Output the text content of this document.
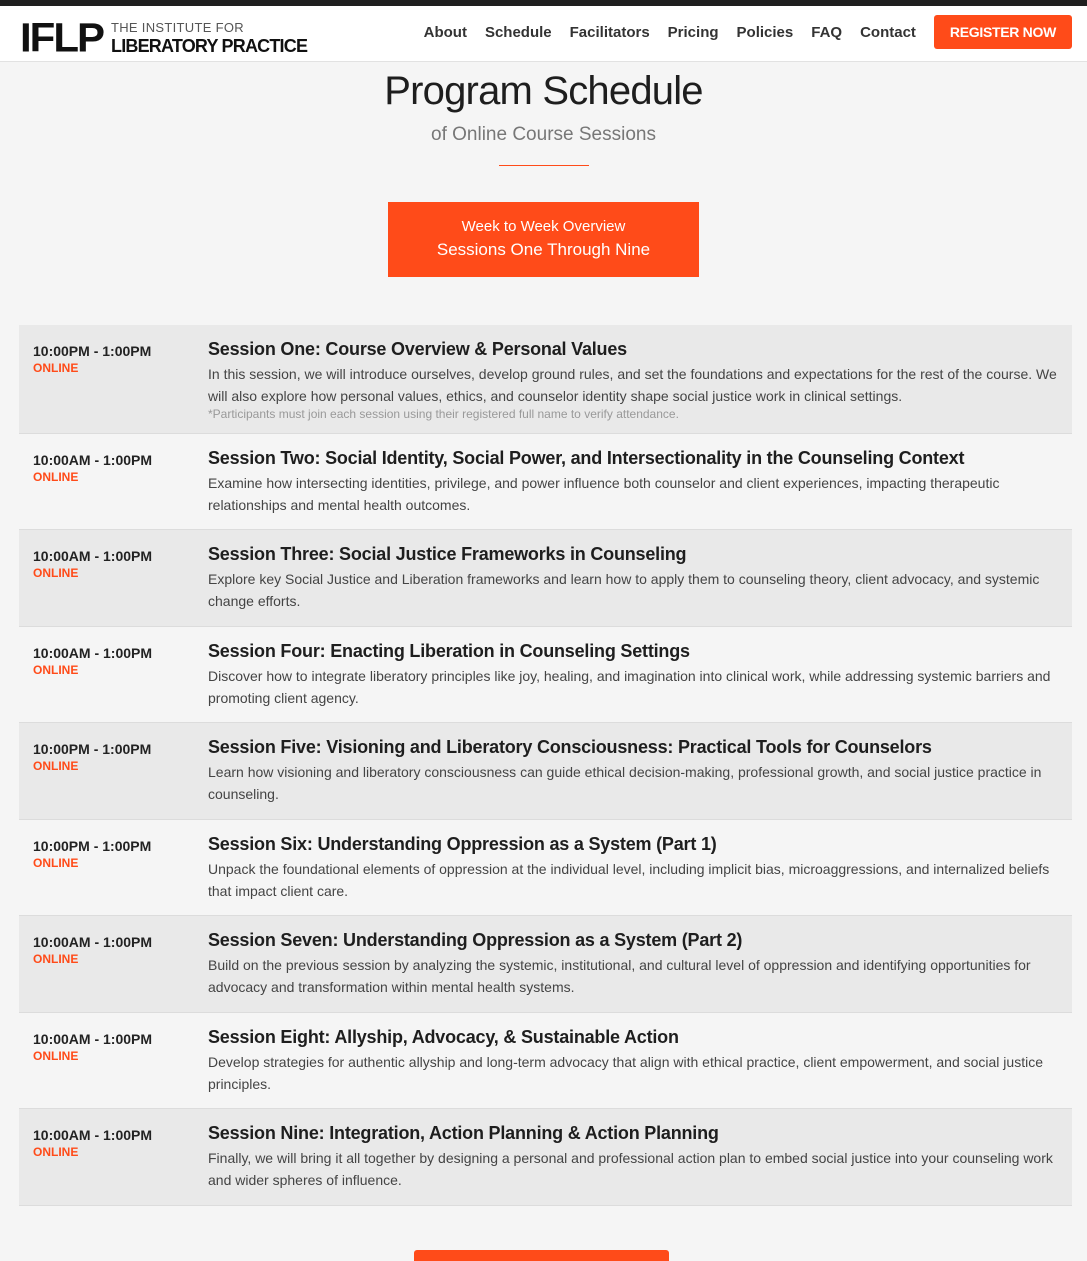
IFLP THE INSTITUTE FOR
LIBERATORY PRACTICE
About Schedule Facilitators Pricing Policies FAQ Contact	REGISTER NOW
Program Schedule
of Online Course Sessions
Week to Week Overview
Sessions One Through Nine
10:00PM - 1:00PM
ONLINE
Session One: Course Overview & Personal Values
In this session, we will introduce ourselves, develop ground rules, and set the foundations and expectations for the rest of the course. We will also explore how personal values, ethics, and counselor identity shape social justice work in clinical settings.
*Participants must join each session using their registered full name to verify attendance.
10:00AM - 1:00PM
ONLINE
Session Two: Social Identity, Social Power, and Intersectionality in the Counseling Context
Examine how intersecting identities, privilege, and power influence both counselor and client experiences, impacting therapeutic relationships and mental health outcomes.
10:00AM - 1:00PM
ONLINE
Session Three: Social Justice Frameworks in Counseling
Explore key Social Justice and Liberation frameworks and learn how to apply them to counseling theory, client advocacy, and systemic change efforts.
10:00AM - 1:00PM
ONLINE
Session Four: Enacting Liberation in Counseling Settings
Discover how to integrate liberatory principles like joy, healing, and imagination into clinical work, while addressing systemic barriers and promoting client agency.
10:00PM - 1:00PM
ONLINE
Session Five: Visioning and Liberatory Consciousness: Practical Tools for Counselors
Learn how visioning and liberatory consciousness can guide ethical decision-making, professional growth, and social justice practice in counseling.
10:00PM - 1:00PM
ONLINE
Session Six: Understanding Oppression as a System (Part 1)
Unpack the foundational elements of oppression at the individual level, including implicit bias, microaggressions, and internalized beliefs that impact client care.
10:00AM - 1:00PM
ONLINE
Session Seven: Understanding Oppression as a System (Part 2)
Build on the previous session by analyzing the systemic, institutional, and cultural level of oppression and identifying opportunities for advocacy and transformation within mental health systems.
10:00AM - 1:00PM
ONLINE
Session Eight: Allyship, Advocacy, & Sustainable Action
Develop strategies for authentic allyship and long-term advocacy that align with ethical practice, client empowerment, and social justice principles.
10:00AM - 1:00PM
ONLINE
Session Nine: Integration, Action Planning & Action Planning
Finally, we will bring it all together by designing a personal and professional action plan to embed social justice into your counseling work and wider spheres of influence.
